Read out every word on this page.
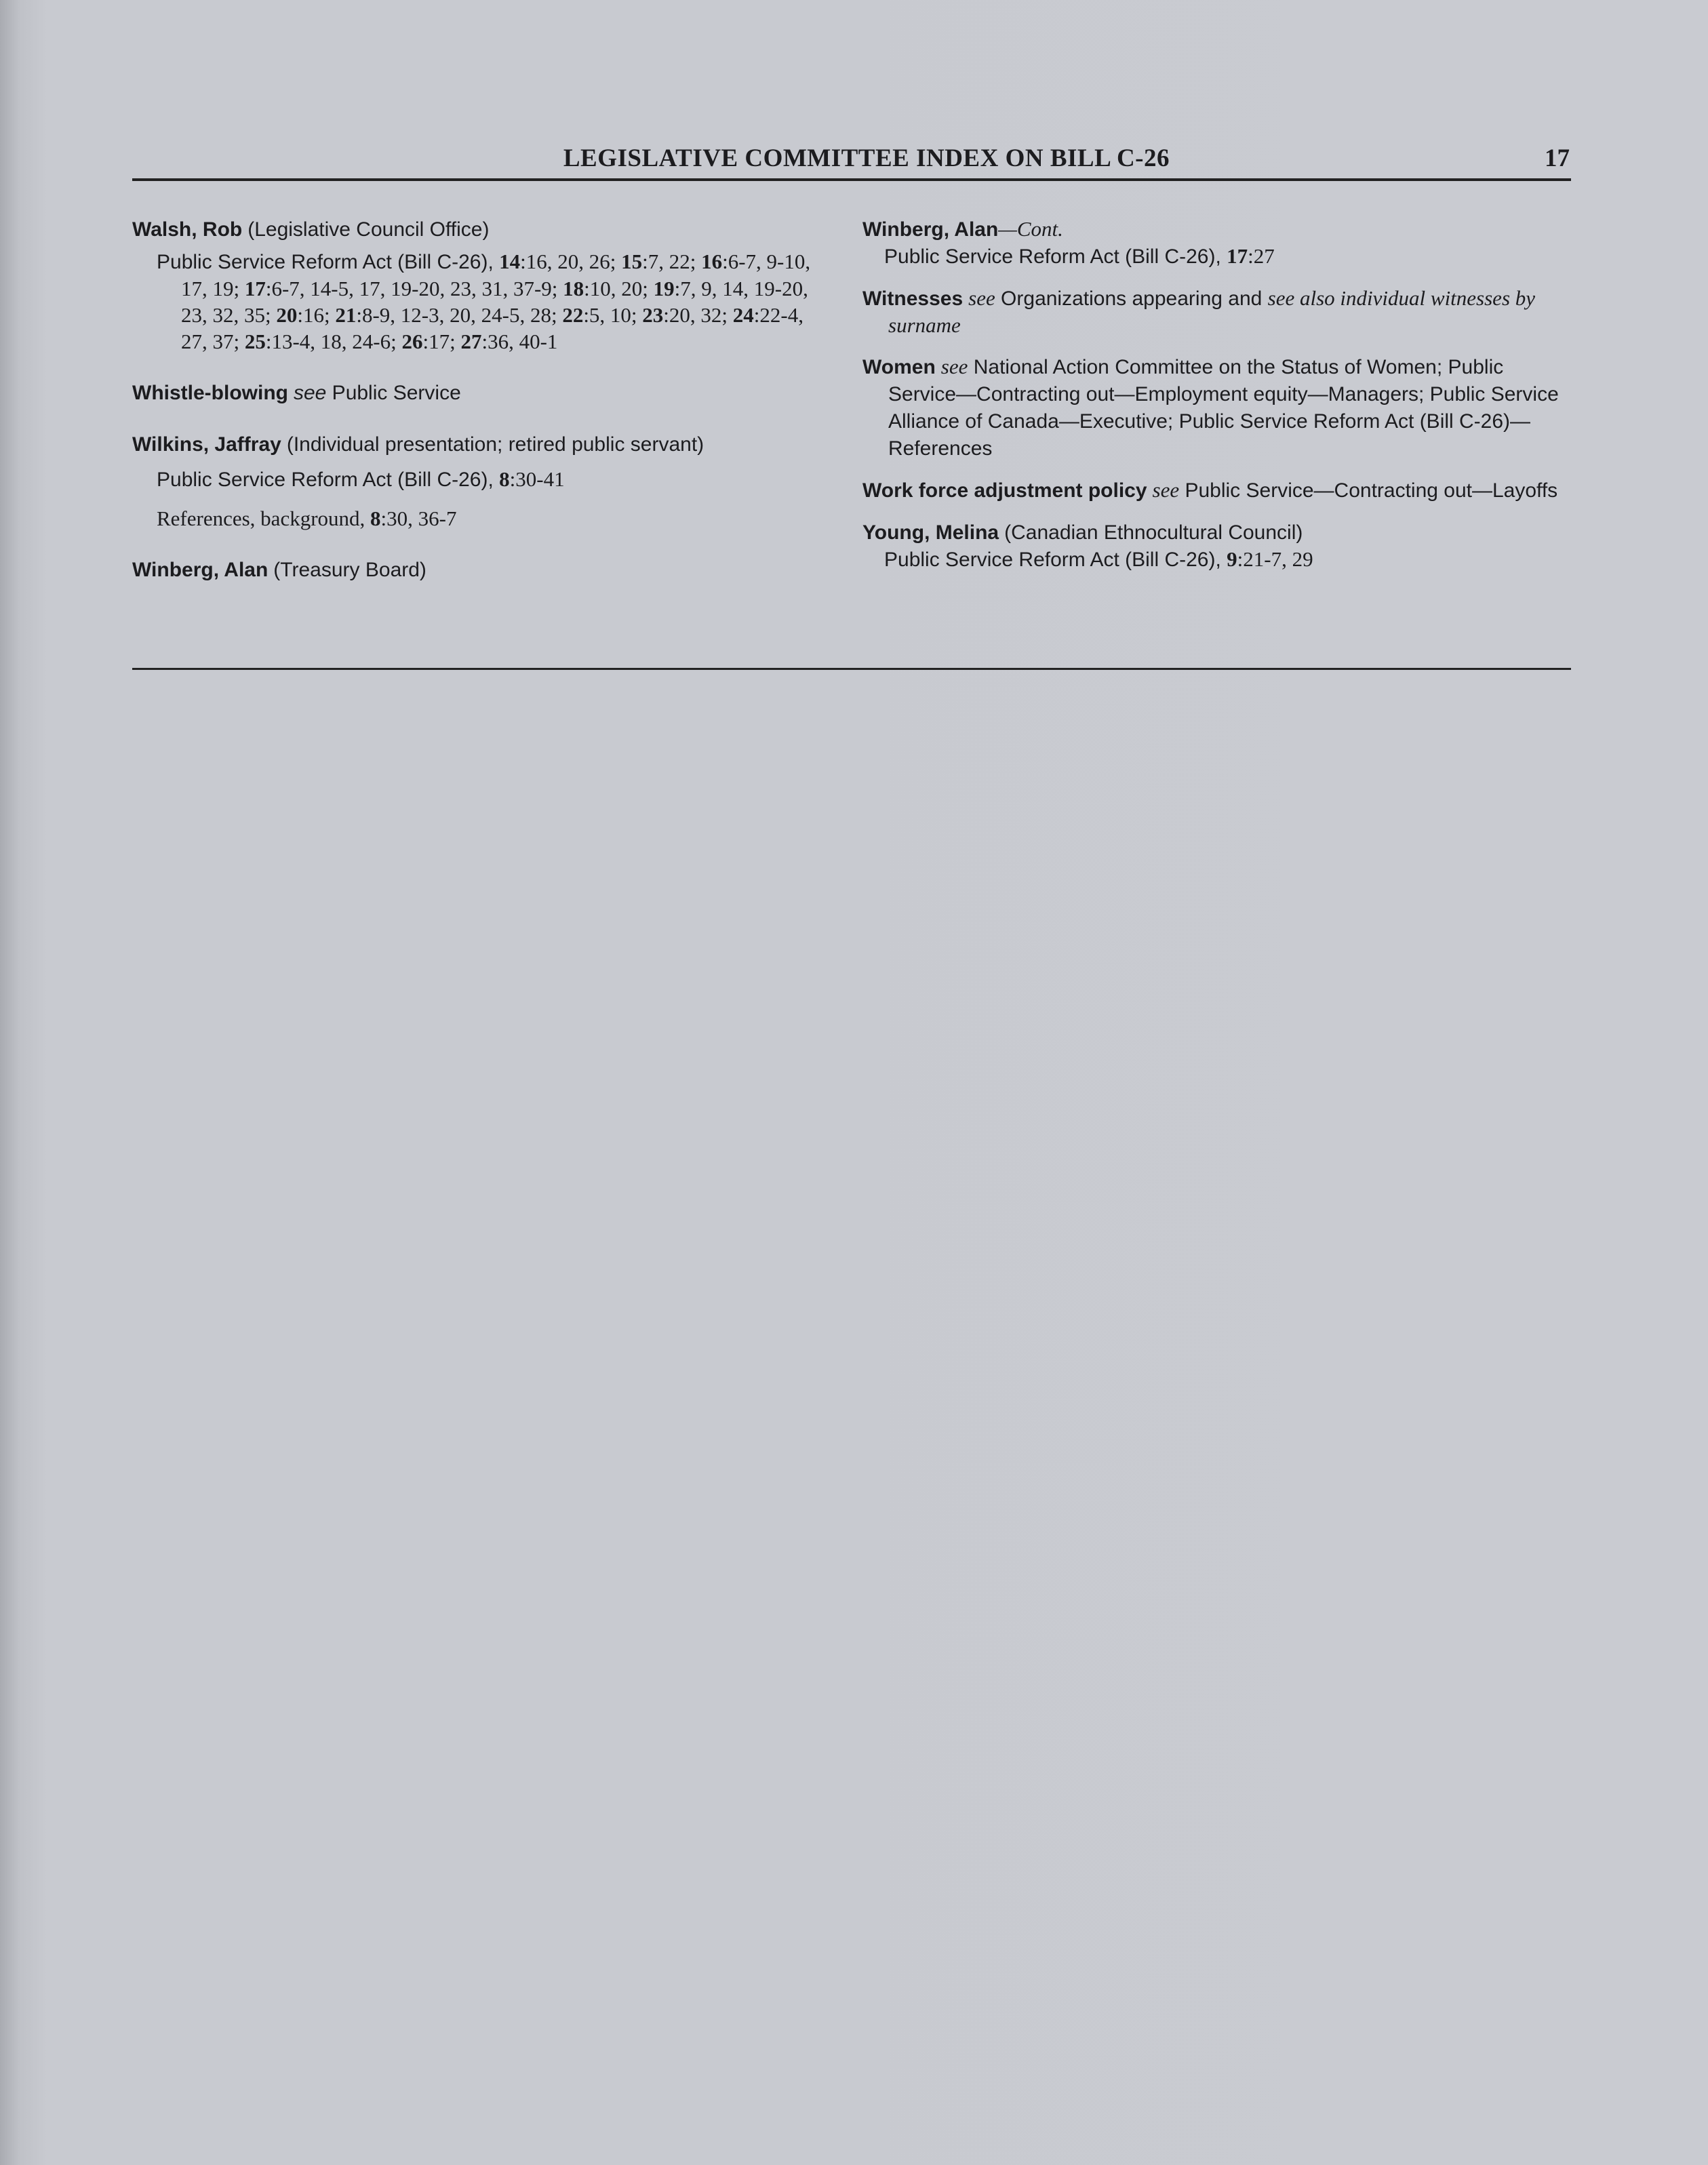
LEGISLATIVE COMMITTEE INDEX ON BILL C-26	17
Walsh, Rob (Legislative Council Office)
Public Service Reform Act (Bill C-26), 14:16, 20, 26; 15:7, 22; 16:6-7, 9-10, 17, 19; 17:6-7, 14-5, 17, 19-20, 23, 31, 37-9; 18:10, 20; 19:7, 9, 14, 19-20, 23, 32, 35; 20:16; 21:8-9, 12-3, 20, 24-5, 28; 22:5, 10; 23:20, 32; 24:22-4, 27, 37; 25:13-4, 18, 24-6; 26:17; 27:36, 40-1
Whistle-blowing see Public Service
Wilkins, Jaffray (Individual presentation; retired public servant)
Public Service Reform Act (Bill C-26), 8:30-41
References, background, 8:30, 36-7
Winberg, Alan (Treasury Board)
Winberg, Alan—Cont.
Public Service Reform Act (Bill C-26), 17:27
Witnesses see Organizations appearing and see also individual witnesses by surname
Women see National Action Committee on the Status of Women; Public Service—Contracting out—Employment equity—Managers; Public Service Alliance of Canada—Executive; Public Service Reform Act (Bill C-26)—References
Work force adjustment policy see Public Service—Contracting out—Layoffs
Young, Melina (Canadian Ethnocultural Council)
Public Service Reform Act (Bill C-26), 9:21-7, 29
